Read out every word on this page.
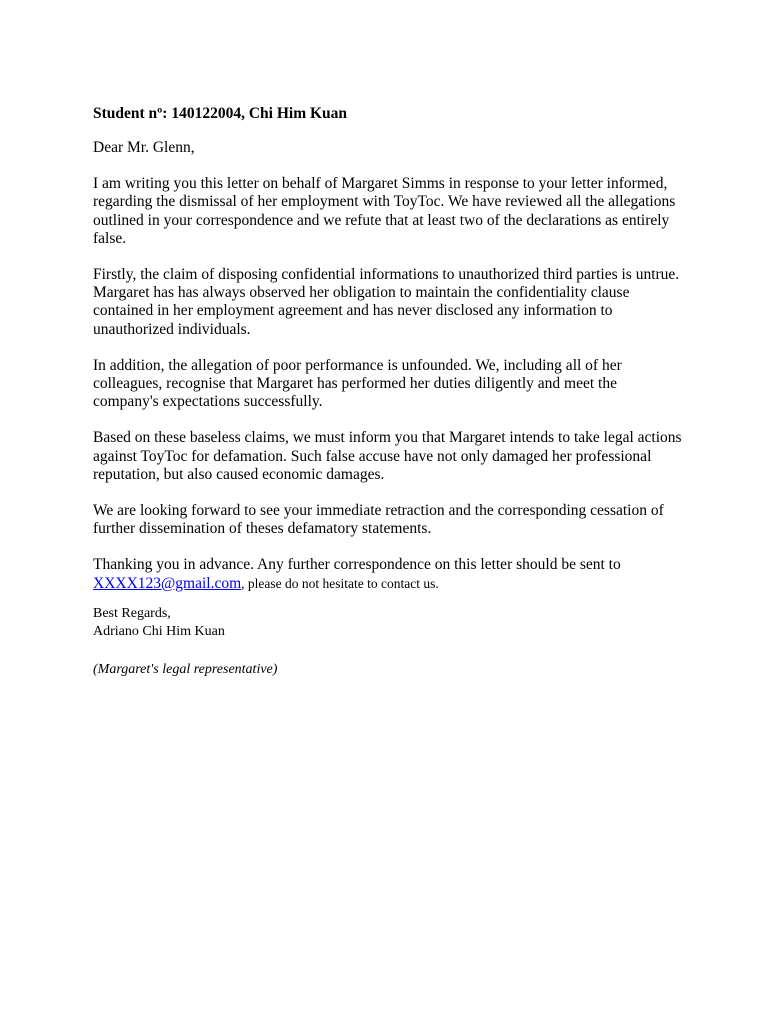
Student nº: 140122004, Chi Him Kuan

Dear Mr. Glenn,

I am writing you this letter on behalf of Margaret Simms in response to your letter informed, regarding the dismissal of her employment with ToyToc. We have reviewed all the allegations outlined in your correspondence and we refute that at least two of the declarations as entirely false.

Firstly, the claim of disposing confidential informations to unauthorized third parties is untrue. Margaret has has always observed her obligation to maintain the confidentiality clause contained in her employment agreement and has never disclosed any information to unauthorized individuals.

In addition, the allegation of poor performance is unfounded. We, including all of her colleagues, recognise that Margaret has performed her duties diligently and meet the company's expectations successfully.

Based on these baseless claims, we must inform you that Margaret intends to take legal actions against ToyToc for defamation. Such false accuse have not only damaged her professional reputation, but also caused economic damages.

We are looking forward to see your immediate retraction and the corresponding cessation of further dissemination of theses defamatory statements.

Thanking you in advance. Any further correspondence on this letter should be sent to
XXXX123@gmail.com, please do not hesitate to contact us.

Best Regards,
Adriano Chi Him Kuan

(Margaret's legal representative)
